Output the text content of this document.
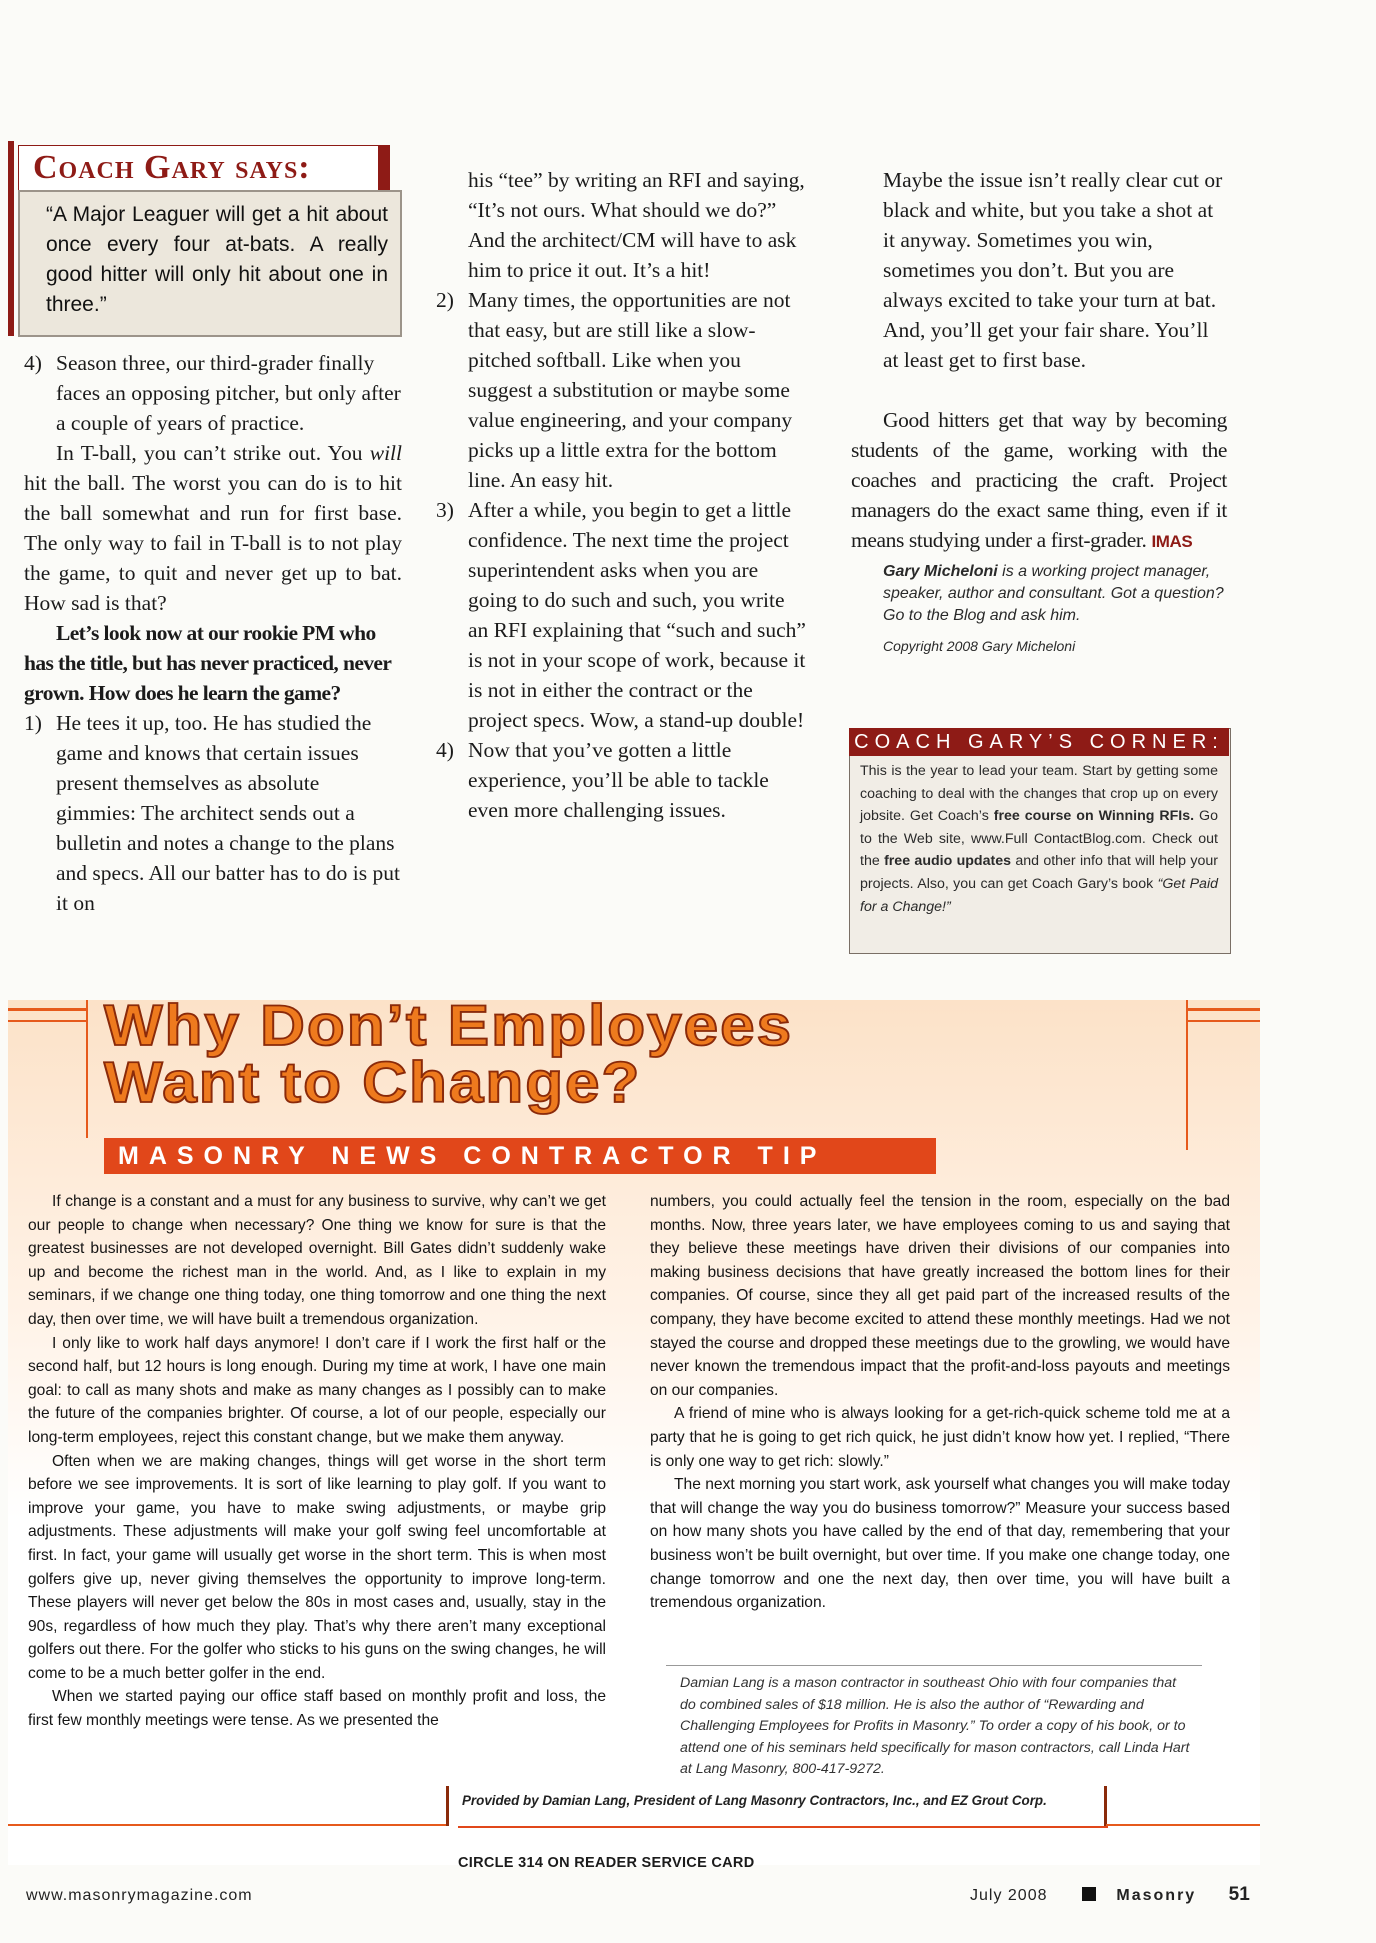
Coach Gary says:
“A Major Leaguer will get a hit about once every four at-bats. A really good hitter will only hit about one in three.”
4) Season three, our third-grader finally faces an opposing pitcher, but only after a couple of years of practice.

In T-ball, you can’t strike out. You will hit the ball. The worst you can do is to hit the ball somewhat and run for first base. The only way to fail in T-ball is to not play the game, to quit and never get up to bat. How sad is that?

Let’s look now at our rookie PM who has the title, but has never practiced, never grown. How does he learn the game?

1) He tees it up, too. He has studied the game and knows that certain issues present themselves as absolute gimmies: The architect sends out a bulletin and notes a change to the plans and specs. All our batter has to do is put it on

his “tee” by writing an RFI and saying, “It’s not ours. What should we do?” And the architect/CM will have to ask him to price it out. It’s a hit!

2) Many times, the opportunities are not that easy, but are still like a slow-pitched softball. Like when you suggest a substitution or maybe some value engineering, and your company picks up a little extra for the bottom line. An easy hit.
3) After a while, you begin to get a little confidence. The next time the project superintendent asks when you are going to do such and such, you write an RFI explaining that “such and such” is not in your scope of work, because it is not in either the contract or the project specs. Wow, a stand-up double!
4) Now that you’ve gotten a little experience, you’ll be able to tackle even more challenging issues.

Maybe the issue isn’t really clear cut or black and white, but you take a shot at it anyway. Sometimes you win, sometimes you don’t. But you are always excited to take your turn at bat. And, you’ll get your fair share. You’ll at least get to first base.

Good hitters get that way by becoming students of the game, working with the coaches and practicing the craft. Project managers do the exact same thing, even if it means studying under a first-grader. IMAS

Gary Micheloni is a working project manager, speaker, author and consultant. Got a question? Go to the Blog and ask him.
Copyright 2008 Gary Micheloni
COACH GARY’S CORNER:
This is the year to lead your team. Start by getting some coaching to deal with the changes that crop up on every jobsite. Get Coach’s free course on Winning RFIs. Go to the Web site, www.Full ContactBlog.com. Check out the free audio updates and other info that will help your projects. Also, you can get Coach Gary’s book “Get Paid for a Change!”
Why Don’t Employees
Want to Change?
MASONRY NEWS CONTRACTOR TIP

If change is a constant and a must for any business to survive, why can’t we get our people to change when necessary? One thing we know for sure is that the greatest businesses are not developed overnight. Bill Gates didn’t suddenly wake up and become the richest man in the world. And, as I like to explain in my seminars, if we change one thing today, one thing tomorrow and one thing the next day, then over time, we will have built a tremendous organization.

I only like to work half days anymore! I don’t care if I work the first half or the second half, but 12 hours is long enough. During my time at work, I have one main goal: to call as many shots and make as many changes as I possibly can to make the future of the companies brighter. Of course, a lot of our people, especially our long-term employees, reject this constant change, but we make them anyway.

Often when we are making changes, things will get worse in the short term before we see improvements. It is sort of like learning to play golf. If you want to improve your game, you have to make swing adjustments, or maybe grip adjustments. These adjustments will make your golf swing feel uncomfortable at first. In fact, your game will usually get worse in the short term. This is when most golfers give up, never giving themselves the opportunity to improve long-term. These players will never get below the 80s in most cases and, usually, stay in the 90s, regardless of how much they play. That’s why there aren’t many exceptional golfers out there. For the golfer who sticks to his guns on the swing changes, he will come to be a much better golfer in the end.

When we started paying our office staff based on monthly profit and loss, the first few monthly meetings were tense. As we presented the

numbers, you could actually feel the tension in the room, especially on the bad months. Now, three years later, we have employees coming to us and saying that they believe these meetings have driven their divisions of our companies into making business decisions that have greatly increased the bottom lines for their companies. Of course, since they all get paid part of the increased results of the company, they have become excited to attend these monthly meetings. Had we not stayed the course and dropped these meetings due to the growling, we would have never known the tremendous impact that the profit-and-loss payouts and meetings on our companies.

A friend of mine who is always looking for a get-rich-quick scheme told me at a party that he is going to get rich quick, he just didn’t know how yet. I replied, “There is only one way to get rich: slowly.”

The next morning you start work, ask yourself what changes you will make today that will change the way you do business tomorrow?” Measure your success based on how many shots you have called by the end of that day, remembering that your business won’t be built overnight, but over time. If you make one change today, one change tomorrow and one the next day, then over time, you will have built a tremendous organization.

Damian Lang is a mason contractor in southeast Ohio with four companies that do combined sales of $18 million. He is also the author of “Rewarding and Challenging Employees for Profits in Masonry.” To order a copy of his book, or to attend one of his seminars held specifically for mason contractors, call Linda Hart at Lang Masonry, 800-417-9272.
Provided by Damian Lang, President of Lang Masonry Contractors, Inc., and EZ Grout Corp.
CIRCLE 314 ON READER SERVICE CARD
www.masonrymagazine.com	July 2008	Masonry 51
